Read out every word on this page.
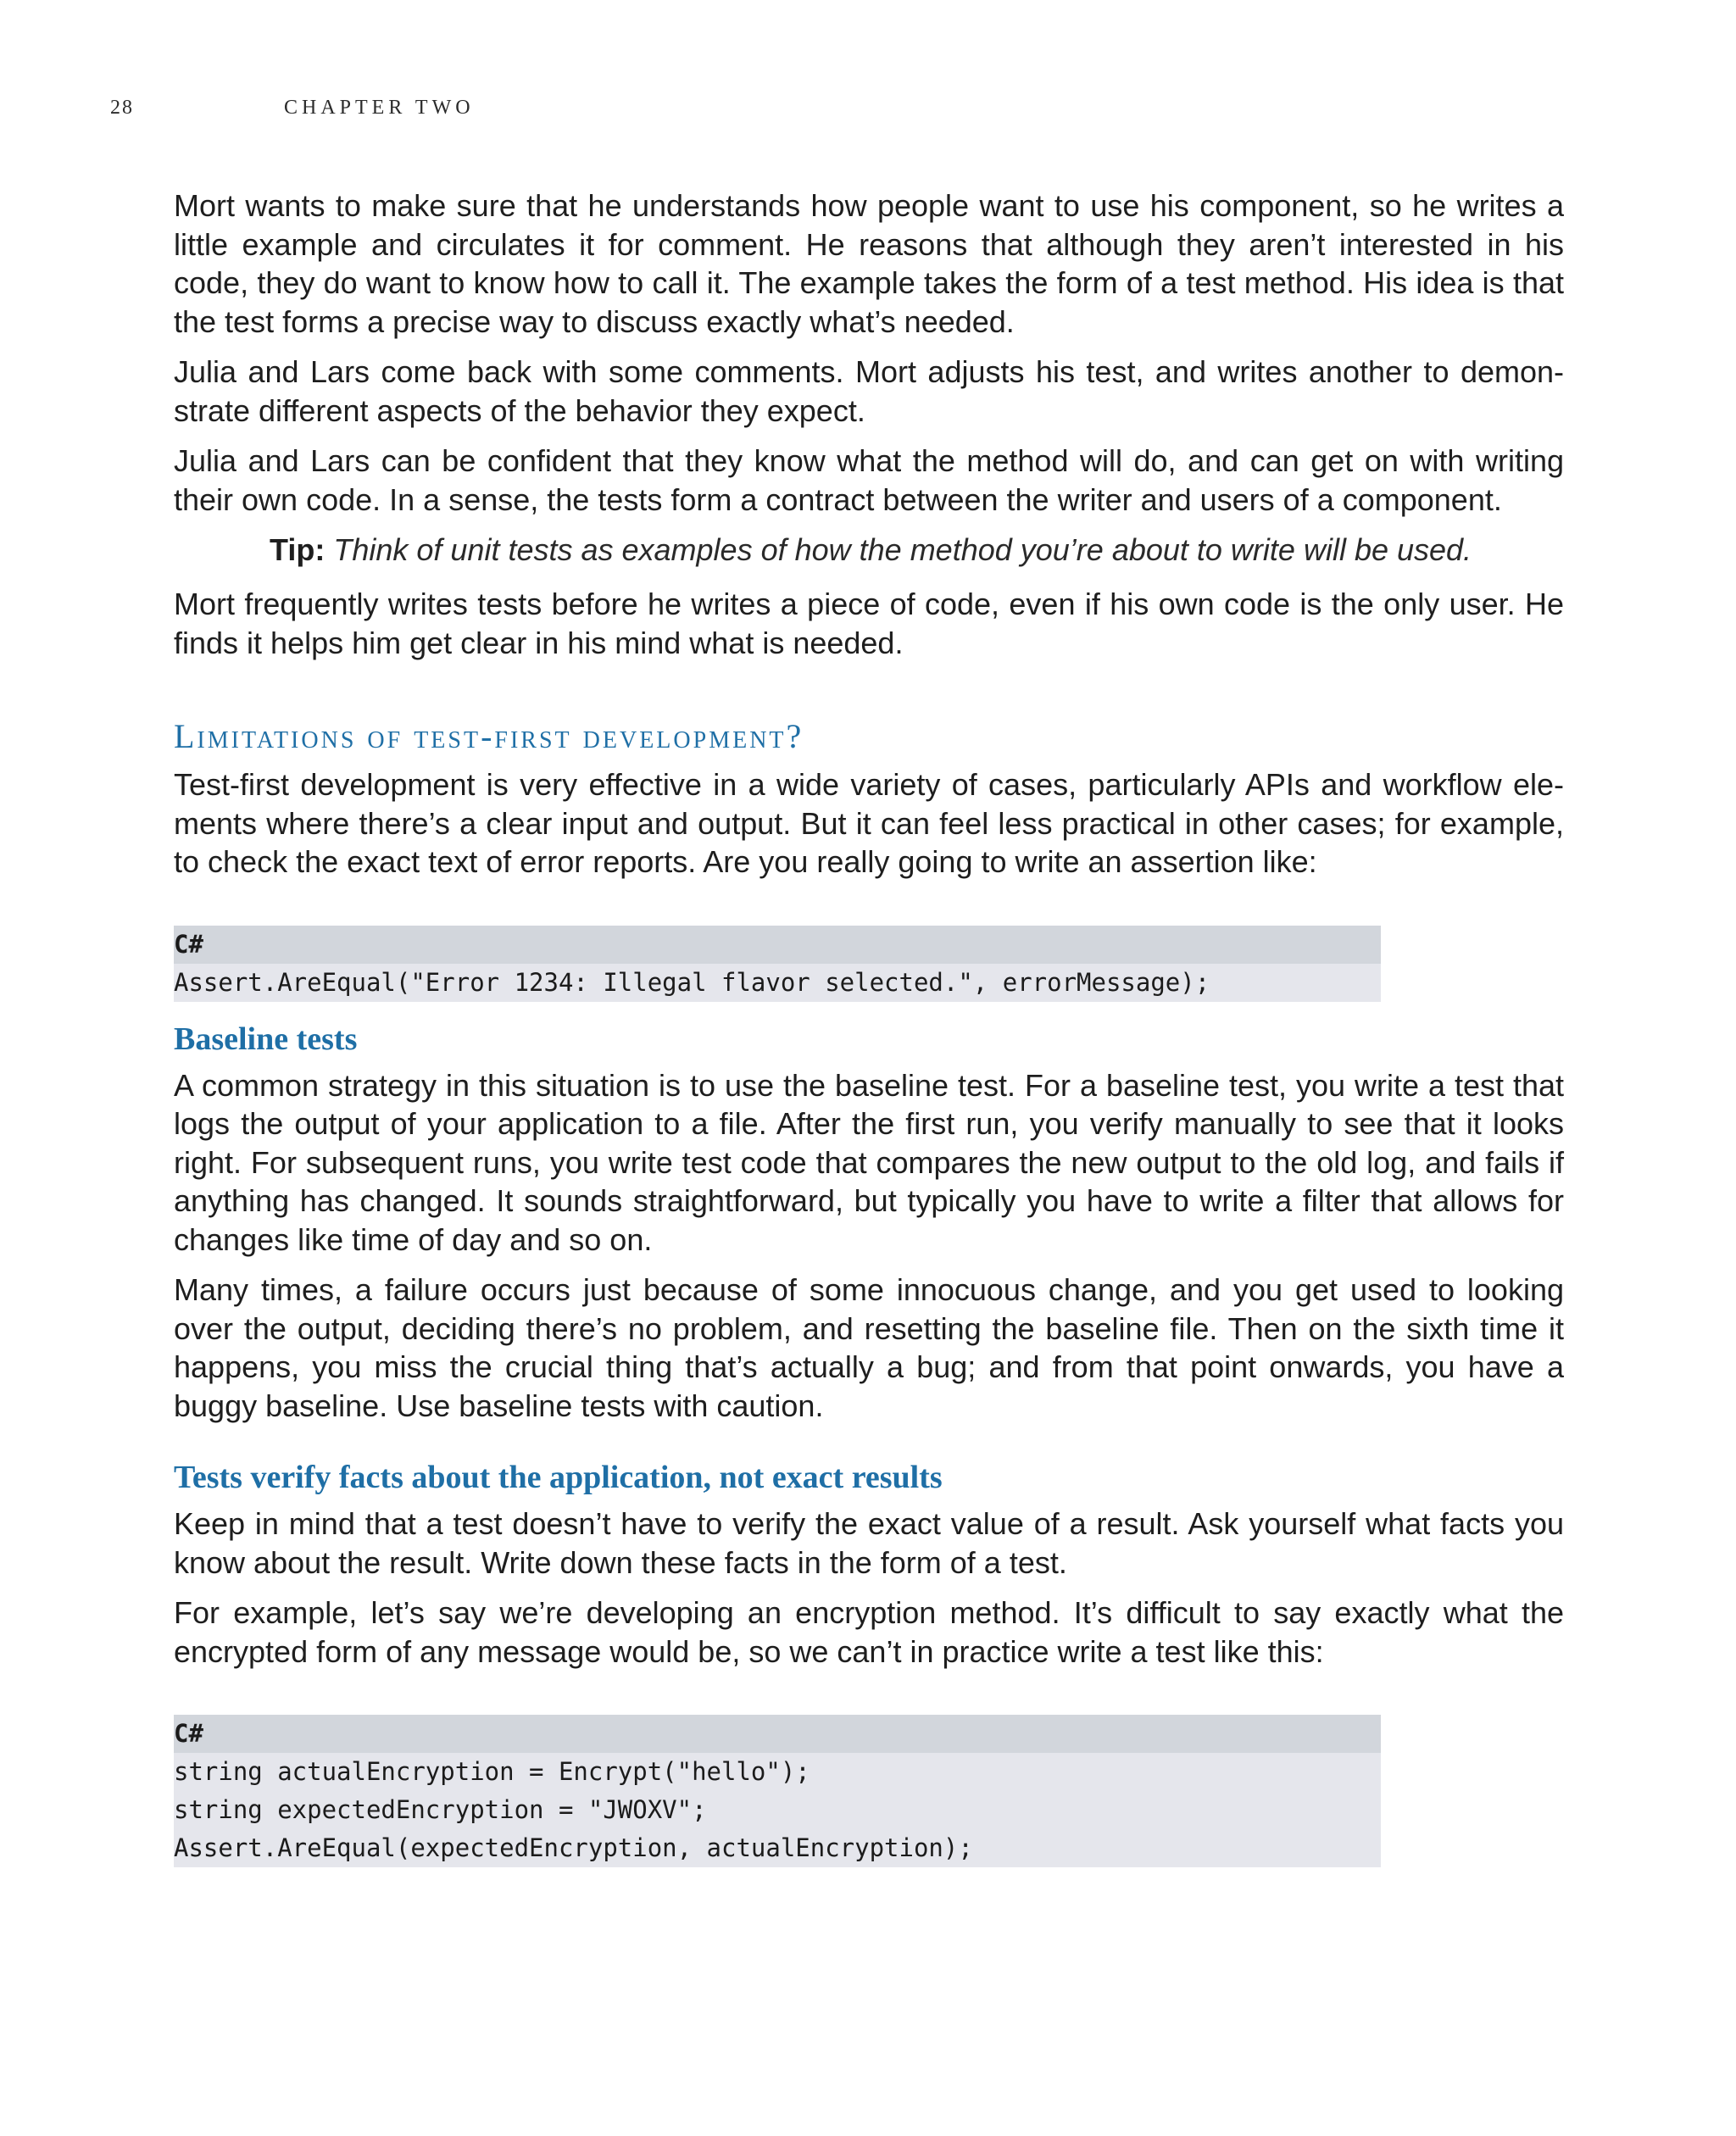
28	CHAPTER TWO

Mort wants to make sure that he understands how people want to use his component, so he writes a little example and circulates it for comment. He reasons that although they aren’t interested in his code, they do want to know how to call it. The example takes the form of a test method. His idea is that the test forms a precise way to discuss exactly what’s needed.

Julia and Lars come back with some comments. Mort adjusts his test, and writes another to demon-strate different aspects of the behavior they expect.

Julia and Lars can be confident that they know what the method will do, and can get on with writing their own code. In a sense, the tests form a contract between the writer and users of a component.

Tip: Think of unit tests as examples of how the method you’re about to write will be used.

Mort frequently writes tests before he writes a piece of code, even if his own code is the only user. He finds it helps him get clear in his mind what is needed.

Limitations of test-first development?

Test-first development is very effective in a wide variety of cases, particularly APIs and workflow ele-ments where there’s a clear input and output. But it can feel less practical in other cases; for example, to check the exact text of error reports. Are you really going to write an assertion like:

C#
Assert.AreEqual("Error 1234: Illegal flavor selected.", errorMessage);
Baseline tests

A common strategy in this situation is to use the baseline test. For a baseline test, you write a test that logs the output of your application to a file. After the first run, you verify manually to see that it looks right. For subsequent runs, you write test code that compares the new output to the old log, and fails if anything has changed. It sounds straightforward, but typically you have to write a filter that allows for changes like time of day and so on.

Many times, a failure occurs just because of some innocuous change, and you get used to looking over the output, deciding there’s no problem, and resetting the baseline file. Then on the sixth time it happens, you miss the crucial thing that’s actually a bug; and from that point onwards, you have a buggy baseline. Use baseline tests with caution.

Tests verify facts about the application, not exact results

Keep in mind that a test doesn’t have to verify the exact value of a result. Ask yourself what facts you know about the result. Write down these facts in the form of a test.

For example, let’s say we’re developing an encryption method. It’s difficult to say exactly what the encrypted form of any message would be, so we can’t in practice write a test like this:

C#
string actualEncryption = Encrypt("hello");
string expectedEncryption = "JWOXV";
Assert.AreEqual(expectedEncryption, actualEncryption);
